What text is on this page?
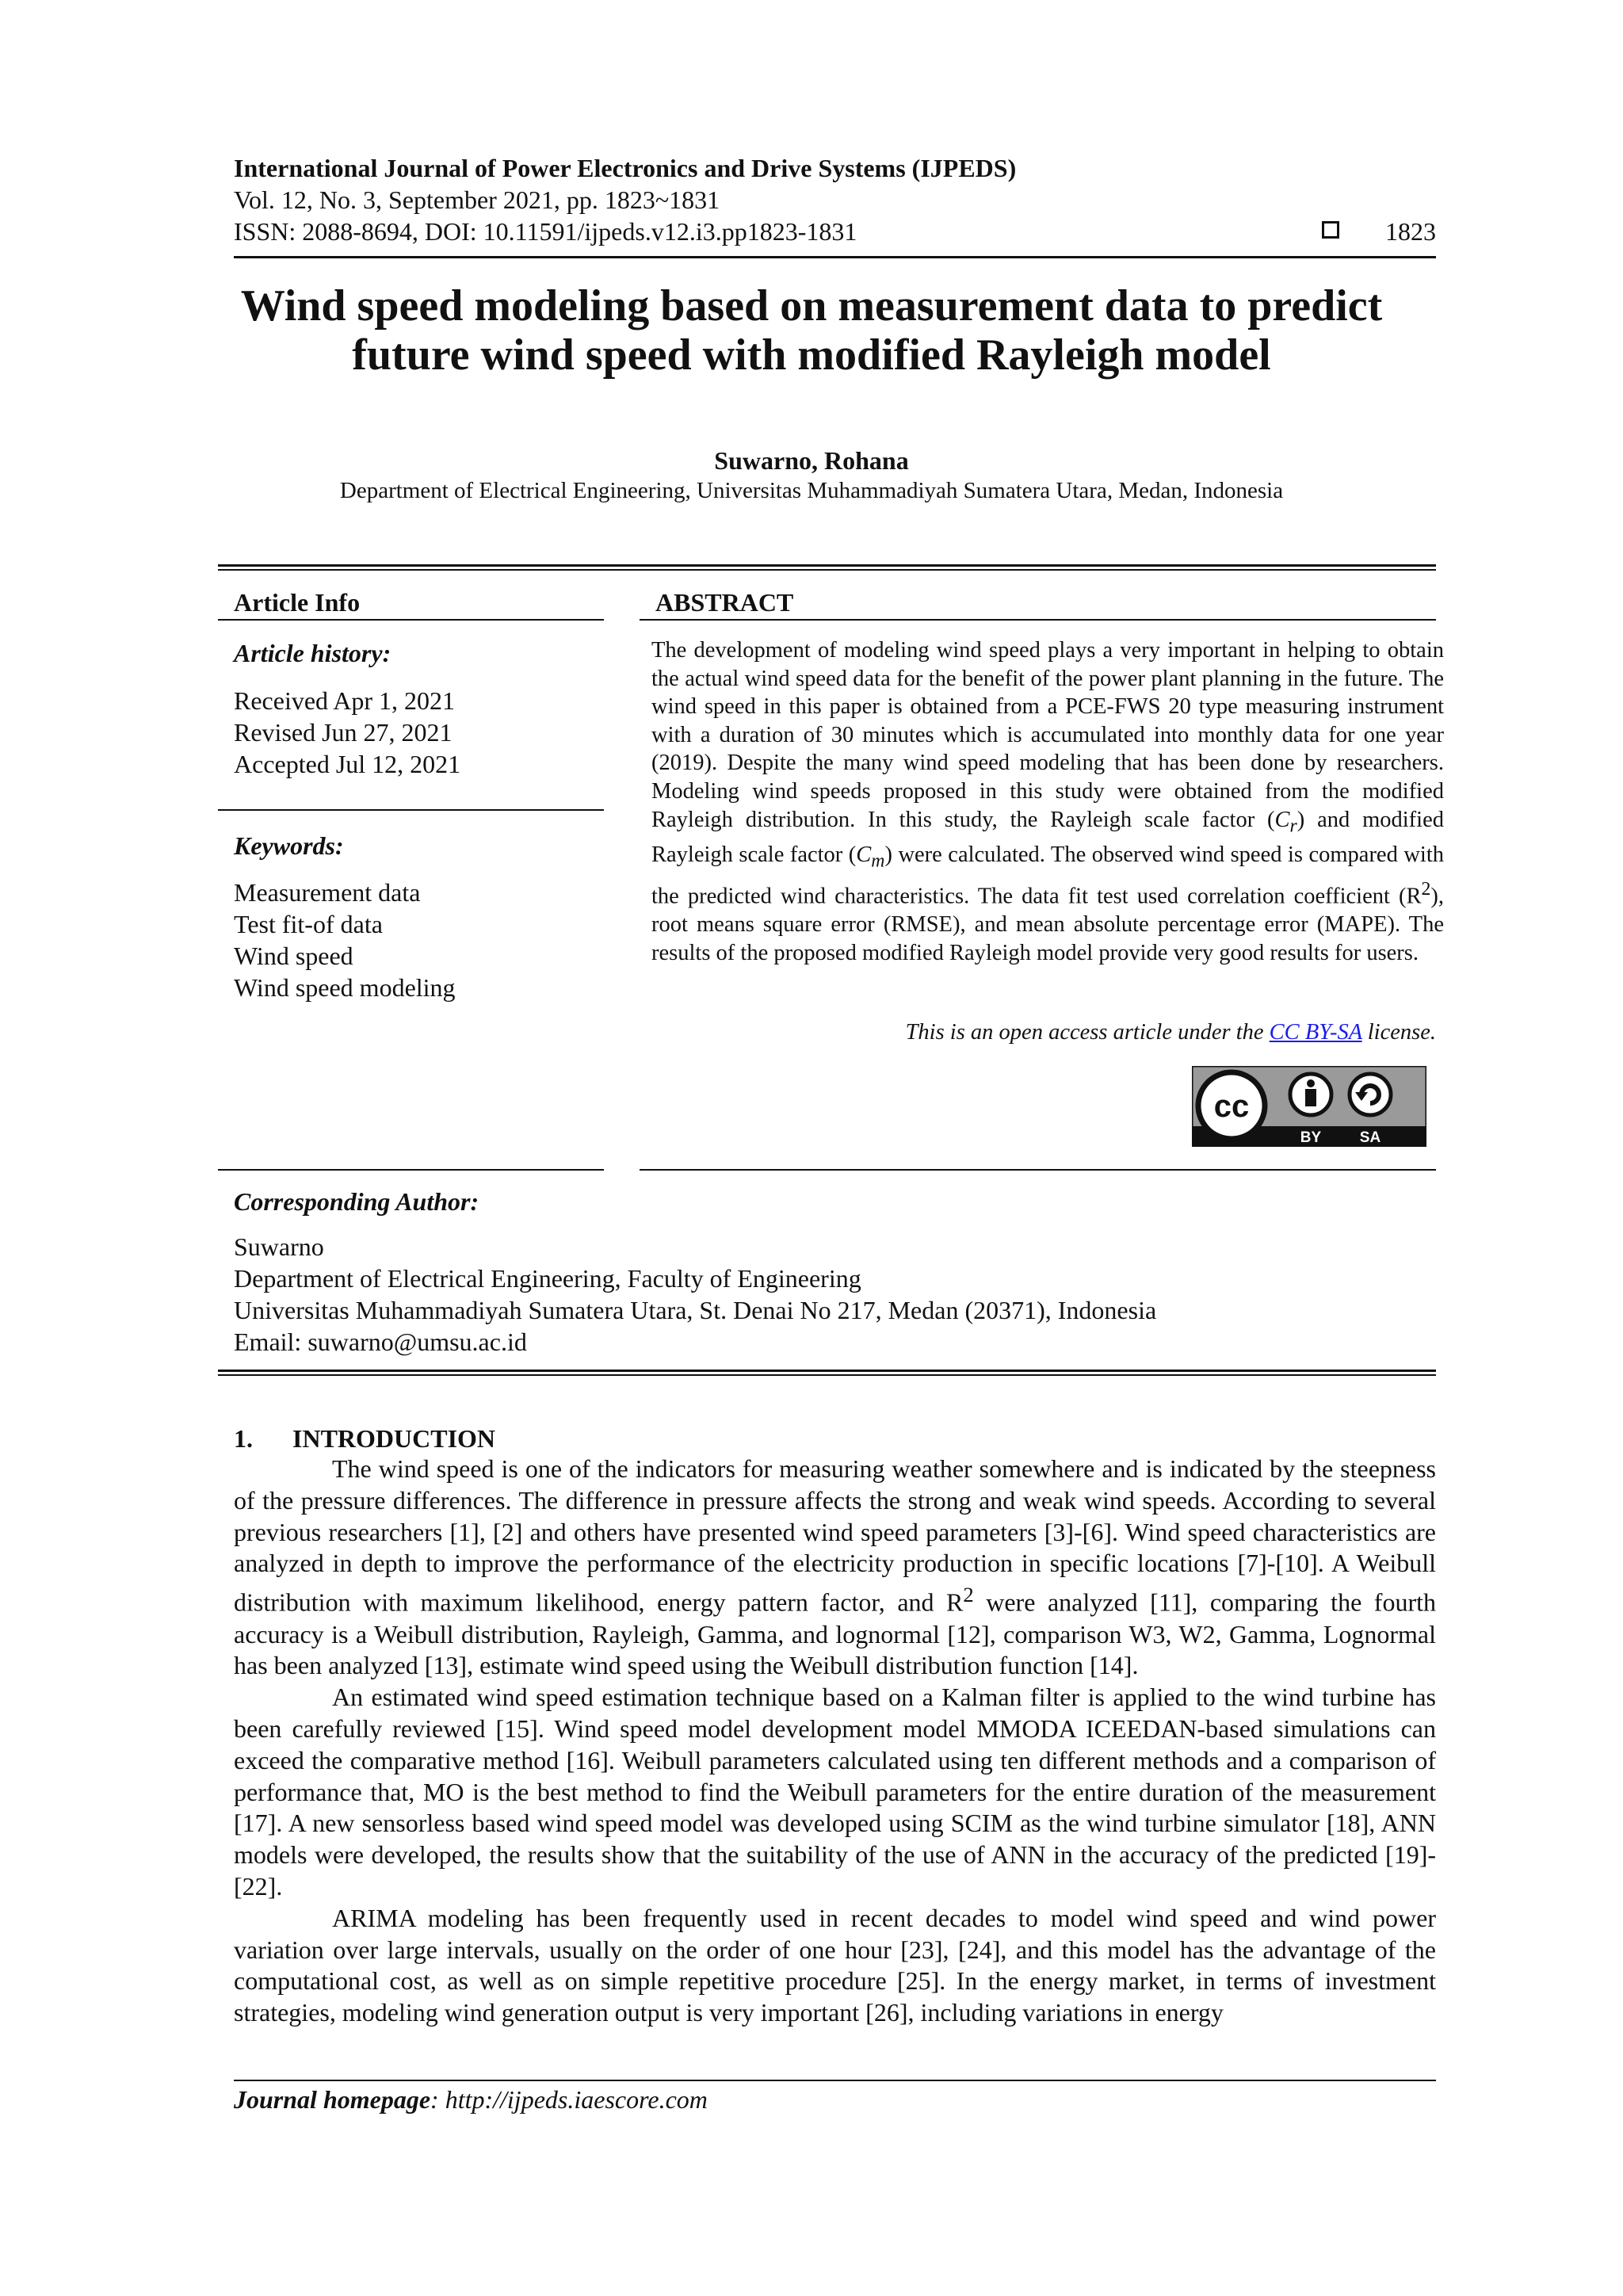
International Journal of Power Electronics and Drive Systems (IJPEDS)
Vol. 12, No. 3, September 2021, pp. 1823~1831
ISSN: 2088-8694, DOI: 10.11591/ijpeds.v12.i3.pp1823-1831	1823
Wind speed modeling based on measurement data to predict
future wind speed with modified Rayleigh model
Suwarno, Rohana
Department of Electrical Engineering, Universitas Muhammadiyah Sumatera Utara, Medan, Indonesia
Article Info
Article history:
Received Apr 1, 2021
Revised Jun 27, 2021
Accepted Jul 12, 2021
Keywords:
Measurement data
Test fit-of data
Wind speed
Wind speed modeling
ABSTRACT
The development of modeling wind speed plays a very important in helping to obtain the actual wind speed data for the benefit of the power plant planning in the future. The wind speed in this paper is obtained from a PCE-FWS 20 type measuring instrument with a duration of 30 minutes which is accumulated into monthly data for one year (2019). Despite the many wind speed modeling that has been done by researchers. Modeling wind speeds proposed in this study were obtained from the modified Rayleigh distribution. In this study, the Rayleigh scale factor $(C_r)$ and modified Rayleigh scale factor $(C_m)$ were calculated. The observed wind speed is compared with the predicted wind characteristics. The data fit test used correlation coefficient $(R^2)$, root means square error (RMSE), and mean absolute percentage error (MAPE). The results of the proposed modified Rayleigh model provide very good results for users.
This is an open access article under the CC BY-SA license.
cc
BY	SA
Corresponding Author:
Suwarno
Department of Electrical Engineering, Faculty of Engineering
Universitas Muhammadiyah Sumatera Utara, St. Denai No 217, Medan (20371), Indonesia
Email: suwarno@umsu.ac.id
1. INTRODUCTION

The wind speed is one of the indicators for measuring weather somewhere and is indicated by the steepness of the pressure differences. The difference in pressure affects the strong and weak wind speeds. According to several previous researchers [1], [2] and others have presented wind speed parameters [3]-[6]. Wind speed characteristics are analyzed in depth to improve the performance of the electricity production in specific locations [7]-[10]. A Weibull distribution with maximum likelihood, energy pattern factor, and $R^2$ were analyzed [11], comparing the fourth accuracy is a Weibull distribution, Rayleigh, Gamma, and lognormal [12], comparison W3, W2, Gamma, Lognormal has been analyzed [13], estimate wind speed using the Weibull distribution function [14].

An estimated wind speed estimation technique based on a Kalman filter is applied to the wind turbine has been carefully reviewed [15]. Wind speed model development model MMODA ICEEDAN-based simulations can exceed the comparative method [16]. Weibull parameters calculated using ten different methods and a comparison of performance that, MO is the best method to find the Weibull parameters for the entire duration of the measurement [17]. A new sensorless based wind speed model was developed using SCIM as the wind turbine simulator [18], ANN models were developed, the results show that the suitability of the use of ANN in the accuracy of the predicted [19]- [22].

ARIMA modeling has been frequently used in recent decades to model wind speed and wind power variation over large intervals, usually on the order of one hour [23], [24], and this model has the advantage of the computational cost, as well as on simple repetitive procedure [25]. In the energy market, in terms of investment strategies, modeling wind generation output is very important [26], including variations in energy

Journal homepage: http://ijpeds.iaescore.com
